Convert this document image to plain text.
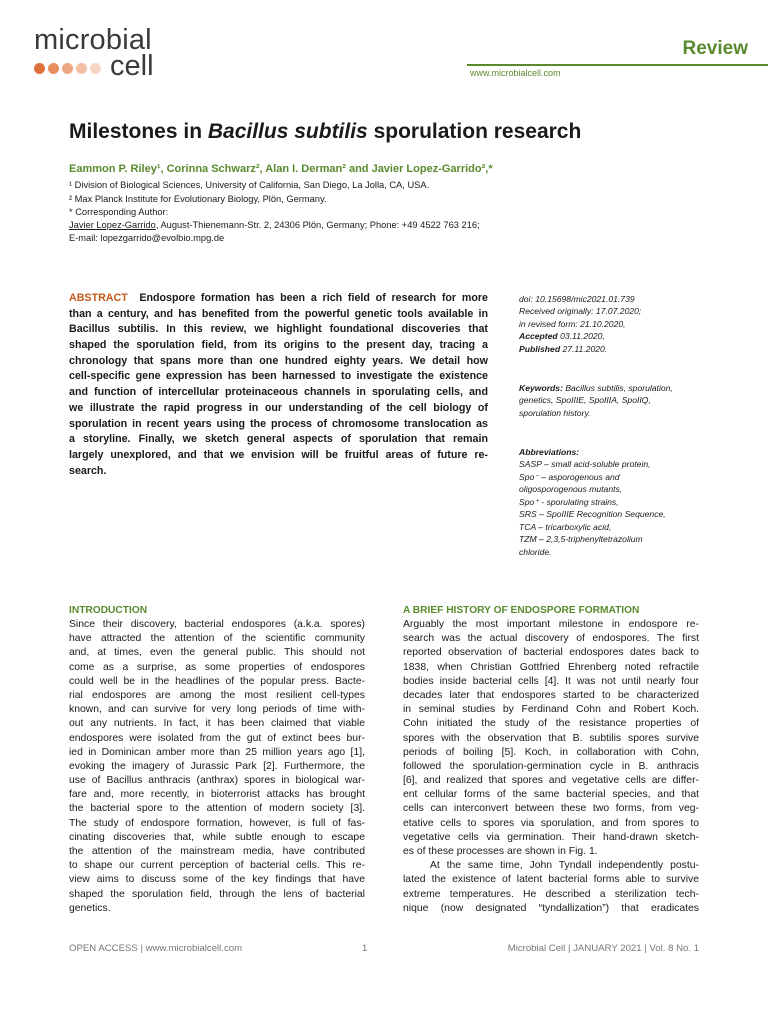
microbial
cell
Review
www.microbialcell.com
Milestones in Bacillus subtilis sporulation research
Eammon P. Riley¹, Corinna Schwarz², Alan I. Derman² and Javier Lopez-Garrido²,*
¹ Division of Biological Sciences, University of California, San Diego, La Jolla, CA, USA.
² Max Planck Institute for Evolutionary Biology, Plön, Germany.
* Corresponding Author:
Javier Lopez-Garrido, August-Thienemann-Str. 2, 24306 Plön, Germany; Phone: +49 4522 763 216;
E-mail: lopezgarrido@evolbio.mpg.de
ABSTRACT Endospore formation has been a rich field of research for more
than a century, and has benefited from the powerful genetic tools available in
Bacillus subtilis. In this review, we highlight foundational discoveries that
shaped the sporulation field, from its origins to the present day, tracing a
chronology that spans more than one hundred eighty years. We detail how
cell-specific gene expression has been harnessed to investigate the existence
and function of intercellular proteinaceous channels in sporulating cells, and
we illustrate the rapid progress in our understanding of the cell biology of
sporulation in recent years using the process of chromosome translocation as
a storyline. Finally, we sketch general aspects of sporulation that remain
largely unexplored, and that we envision will be fruitful areas of future re-
search.
doi: 10.15698/mic2021.01.739
Received originally: 17.07.2020;
in revised form: 21.10.2020,
Accepted 03.11.2020,
Published 27.11.2020.
Keywords: Bacillus subtilis, sporulation,
genetics, SpoIIIE, SpoIIIA, SpoIIQ,
sporulation history.
Abbreviations:
SASP – small acid-soluble protein,
Spo⁻ – asporogenous and
oligosporogenous mutants,
Spo⁺ - sporulating strains,
SRS – SpoIIIE Recognition Sequence,
TCA – tricarboxylic acid,
TZM – 2,3,5-triphenyltetrazolium
chloride.
INTRODUCTION
Since their discovery, bacterial endospores (a.k.a. spores)
have attracted the attention of the scientific community
and, at times, even the general public. This should not
come as a surprise, as some properties of endospores
could well be in the headlines of the popular press. Bacte-
rial endospores are among the most resilient cell-types
known, and can survive for very long periods of time with-
out any nutrients. In fact, it has been claimed that viable
endospores were isolated from the gut of extinct bees bur-
ied in Dominican amber more than 25 million years ago [1],
evoking the imagery of Jurassic Park [2]. Furthermore, the
use of Bacillus anthracis (anthrax) spores in biological war-
fare and, more recently, in bioterrorist attacks has brought
the bacterial spore to the attention of modern society [3].
The study of endospore formation, however, is full of fas-
cinating discoveries that, while subtle enough to escape
the attention of the mainstream media, have contributed
to shape our current perception of bacterial cells. This re-
view aims to discuss some of the key findings that have
shaped the sporulation field, through the lens of bacterial
genetics.
A BRIEF HISTORY OF ENDOSPORE FORMATION
Arguably the most important milestone in endospore re-
search was the actual discovery of endospores. The first
reported observation of bacterial endospores dates back to
1838, when Christian Gottfried Ehrenberg noted refractile
bodies inside bacterial cells [4]. It was not until nearly four
decades later that endospores started to be characterized
in seminal studies by Ferdinand Cohn and Robert Koch.
Cohn initiated the study of the resistance properties of
spores with the observation that B. subtilis spores survive
periods of boiling [5]. Koch, in collaboration with Cohn,
followed the sporulation-germination cycle in B. anthracis
[6], and realized that spores and vegetative cells are differ-
ent cellular forms of the same bacterial species, and that
cells can interconvert between these two forms, from veg-
etative cells to spores via sporulation, and from spores to
vegetative cells via germination. Their hand-drawn sketch-
es of these processes are shown in Fig. 1.
At the same time, John Tyndall independently postu-
lated the existence of latent bacterial forms able to survive
extreme temperatures. He described a sterilization tech-
nique (now designated “tyndallization”) that eradicates
OPEN ACCESS | www.microbialcell.com	1	Microbial Cell | JANUARY 2021 | Vol. 8 No. 1
